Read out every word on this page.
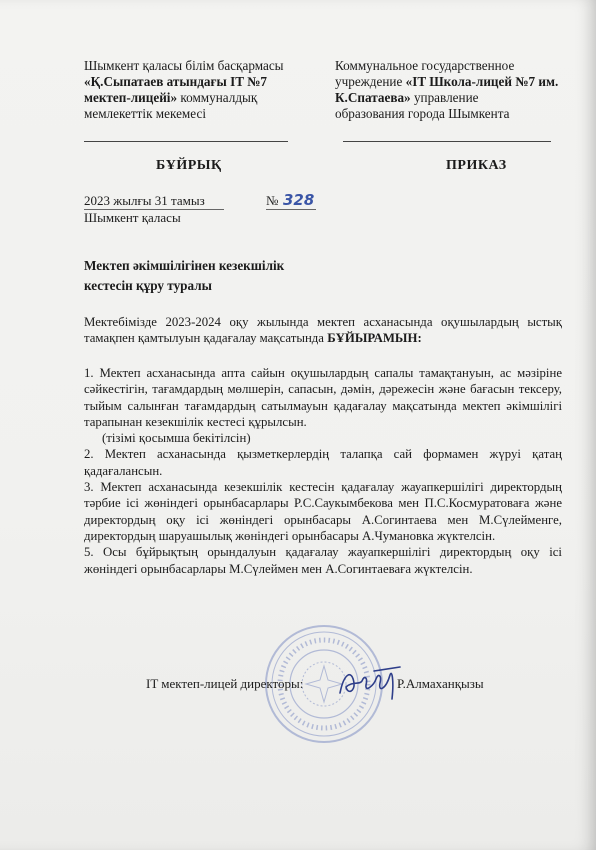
Шымкент қаласы білім басқармасы
«Қ.Сыпатаев атындағы IT №7 мектеп-лицейі» коммуналдық
мемлекеттік мекемесі
Коммунальное государственное
учреждение «IT Школа-лицей №7 им. К.Спатаева» управление
образования города Шымкента
БҰЙРЫҚ	ПРИКАЗ
2023 жылғы 31 тамыз	№ 328
Шымкент қаласы
Мектеп әкімшілігінен кезекшілік
кестесін құру туралы
Мектебімізде 2023-2024 оқу жылында мектеп асханасында оқушылардың ыстық тамақпен қамтылуын қадағалау мақсатында БҰЙЫРАМЫН:

1. Мектеп асханасында апта сайын оқушылардың сапалы тамақтануын, ас мәзіріне сәйкестігін, тағамдардың мөлшерін, сапасын, дәмін, дәрежесін және бағасын тексеру, тыйым салынған тағамдардың сатылмауын қадағалау мақсатында мектеп әкімшілігі тарапынан кезекшілік кестесі құрылсын.

(тізімі қосымша бекітілсін)

2. Мектеп асханасында қызметкерлердің талапқа сай формамен жүруі қатаң қадағалансын.

3. Мектеп асханасында кезекшілік кестесін қадағалау жауапкершілігі директордың тәрбие ісі жөніндегі орынбасарлары Р.С.Саукымбекова мен П.С.Космуратоваға және директордың оқу ісі жөніндегі орынбасары А.Согинтаева мен М.Сүлейменге, директордың шаруашылық жөніндегі орынбасары А.Чумановка жүктелсін.

5. Осы бұйрықтың орындалуын қадағалау жауапкершілігі директордың оқу ісі жөніндегі орынбасарлары М.Сүлеймен мен А.Согинтаеваға жүктелсін.

IT мектеп-лицей директоры:	Р.Алмаханқызы
